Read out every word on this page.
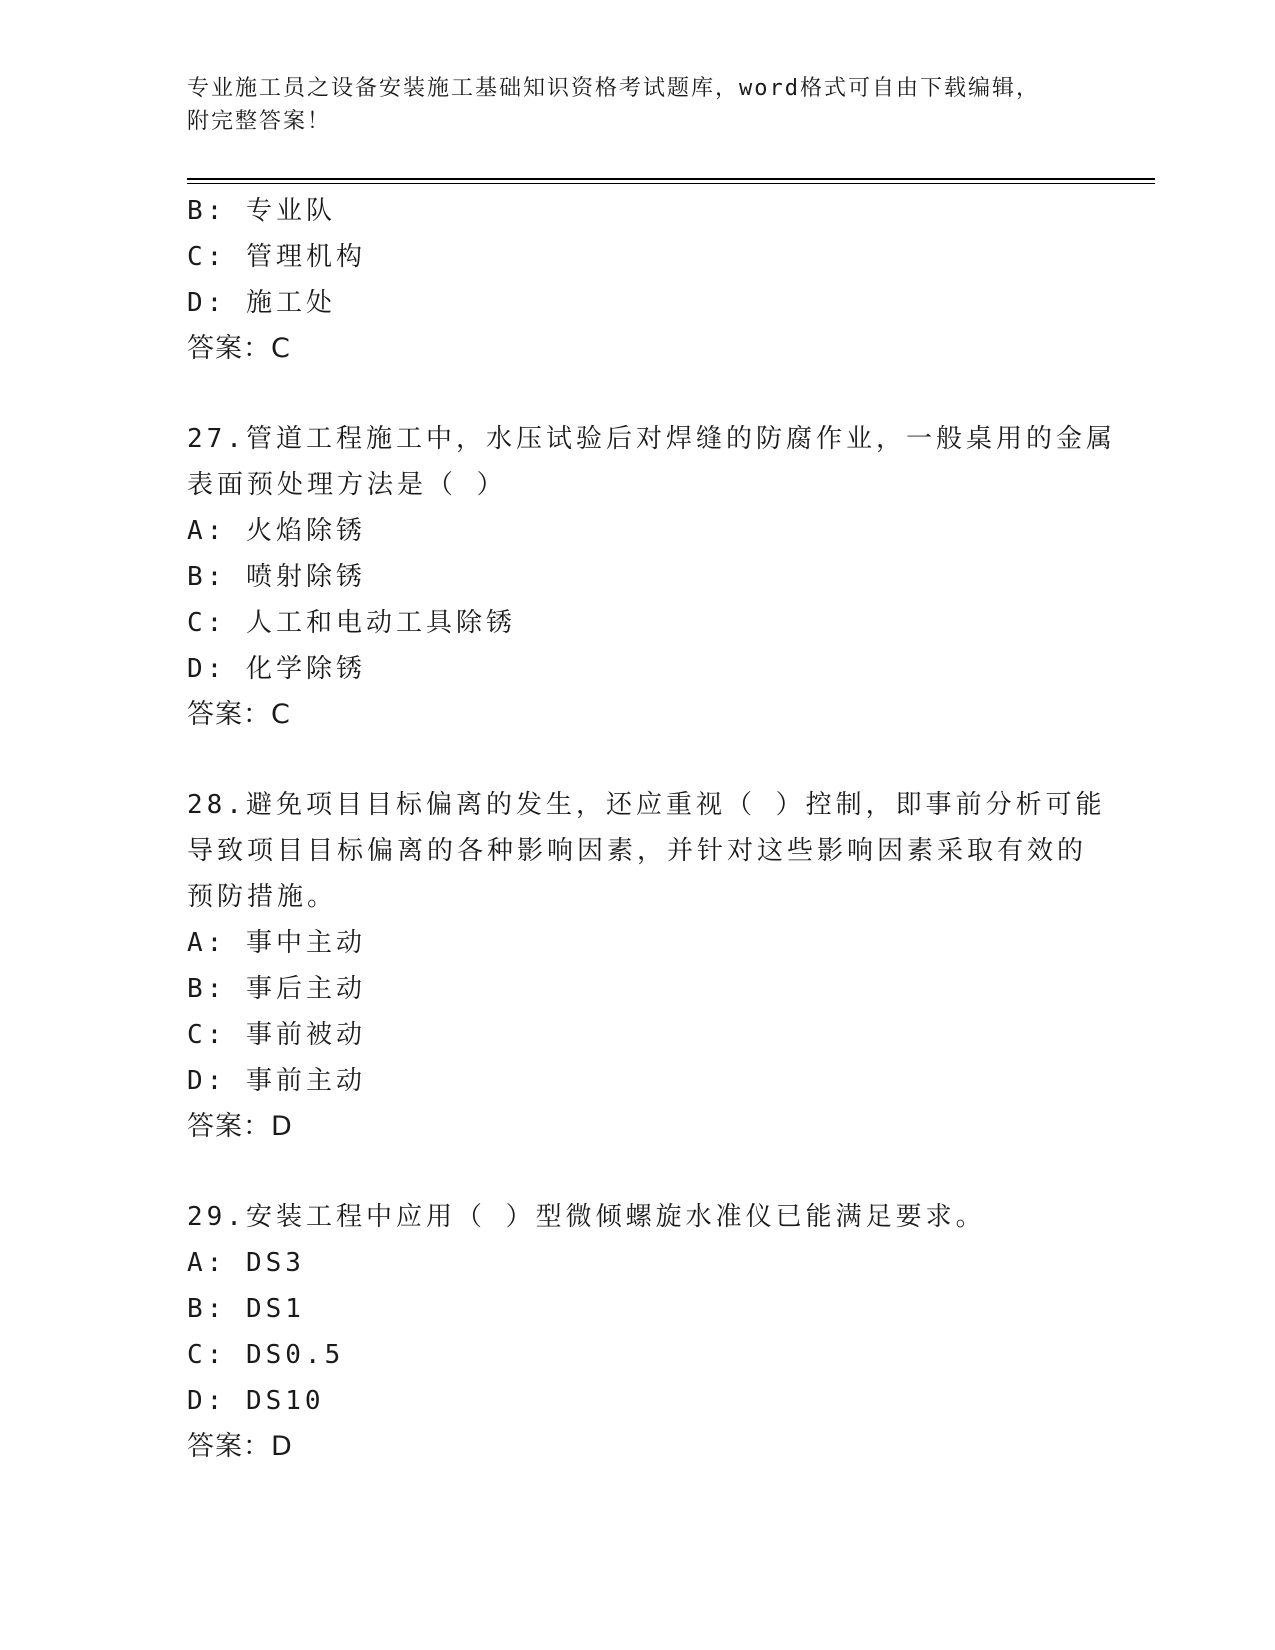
专业施工员之设备安装施工基础知识资格考试题库，word格式可自由下载编辑，
附完整答案！
B: 专业队
C: 管理机构
D: 施工处
答案：C
27.管道工程施工中，水压试验后对焊缝的防腐作业，一般桌用的金属
表面预处理方法是（ ）
A: 火焰除锈
B: 喷射除锈
C: 人工和电动工具除锈
D: 化学除锈
答案：C
28.避免项目目标偏离的发生，还应重视（ ）控制，即事前分析可能
导致项目目标偏离的各种影响因素，并针对这些影响因素采取有效的
预防措施。
A: 事中主动
B: 事后主动
C: 事前被动
D: 事前主动
答案：D
29.安装工程中应用（ ）型微倾螺旋水准仪已能满足要求。
A: DS3
B: DS1
C: DS0.5
D: DS10
答案：D
